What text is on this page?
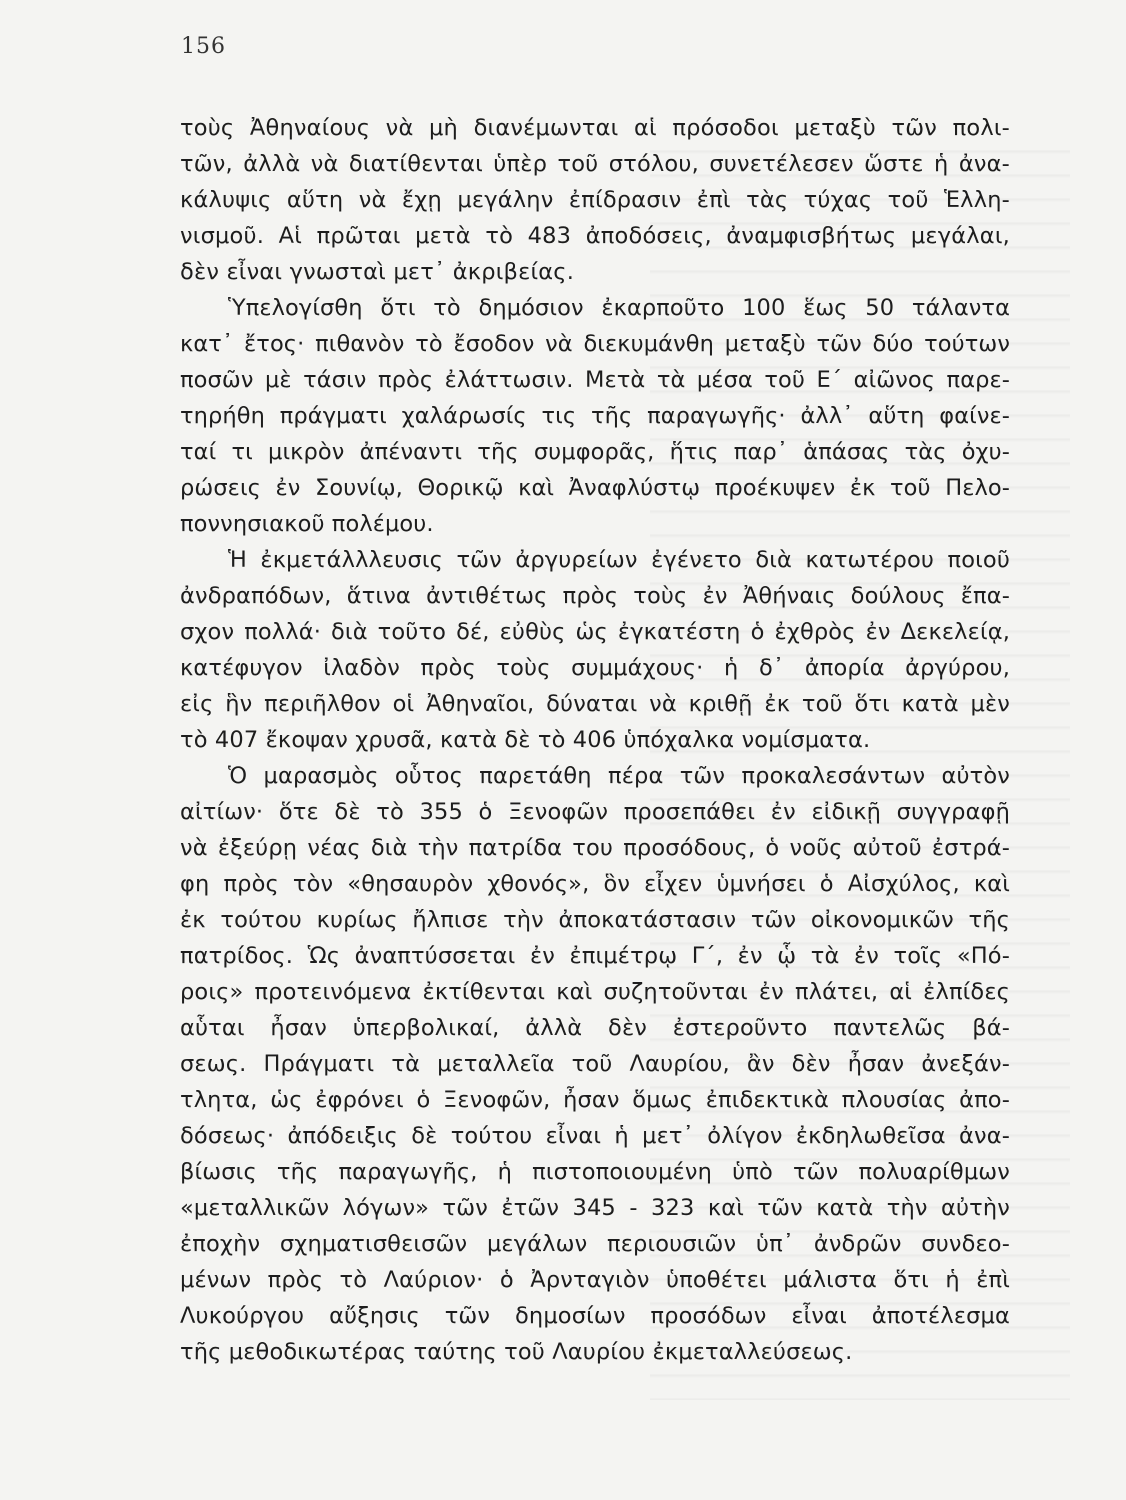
156
τοὺς Ἀθηναίους νὰ μὴ διανέμωνται αἱ πρόσοδοι μεταξὺ τῶν πολι-
τῶν, ἀλλὰ νὰ διατίθενται ὑπὲρ τοῦ στόλου, συνετέλεσεν ὥστε ἡ ἀνα-
κάλυψις αὕτη νὰ ἔχῃ μεγάλην ἐπίδρασιν ἐπὶ τὰς τύχας τοῦ Ἑλλη-
νισμοῦ. Αἱ πρῶται μετὰ τὸ 483 ἀποδόσεις, ἀναμφισβήτως μεγάλαι,
δὲν εἶναι γνωσταὶ μετ᾿ ἀκριβείας.
Ὑπελογίσθη ὅτι τὸ δημόσιον ἐκαρποῦτο 100 ἕως 50 τάλαντα
κατ᾿ ἔτος· πιθανὸν τὸ ἔσοδον νὰ διεκυμάνθη μεταξὺ τῶν δύο τούτων
ποσῶν μὲ τάσιν πρὸς ἐλάττωσιν. Μετὰ τὰ μέσα τοῦ Ε΄ αἰῶνος παρε-
τηρήθη πράγματι χαλάρωσίς τις τῆς παραγωγῆς· ἀλλ᾿ αὕτη φαίνε-
ταί τι μικρὸν ἀπέναντι τῆς συμφορᾶς, ἥτις παρ᾿ ἁπάσας τὰς ὀχυ-
ρώσεις ἐν Σουνίῳ, Θορικῷ καὶ Ἀναφλύστῳ προέκυψεν ἐκ τοῦ Πελο-
ποννησιακοῦ πολέμου.
Ἡ ἐκμετάλλλευσις τῶν ἀργυρείων ἐγένετο διὰ κατωτέρου ποιοῦ
ἀνδραπόδων, ἅτινα ἀντιθέτως πρὸς τοὺς ἐν Ἀθήναις δούλους ἔπα-
σχον πολλά· διὰ τοῦτο δέ, εὐθὺς ὡς ἐγκατέστη ὁ ἐχθρὸς ἐν Δεκελείᾳ,
κατέφυγον ἰλαδὸν πρὸς τοὺς συμμάχους· ἡ δ᾿ ἀπορία ἀργύρου,
εἰς ἣν περιῆλθον οἱ Ἀθηναῖοι, δύναται νὰ κριθῇ ἐκ τοῦ ὅτι κατὰ μὲν
τὸ 407 ἔκοψαν χρυσᾶ, κατὰ δὲ τὸ 406 ὑπόχαλκα νομίσματα.
Ὁ μαρασμὸς οὗτος παρετάθη πέρα τῶν προκαλεσάντων αὐτὸν
αἰτίων· ὅτε δὲ τὸ 355 ὁ Ξενοφῶν προσεπάθει ἐν εἰδικῇ συγγραφῇ
νὰ ἐξεύρῃ νέας διὰ τὴν πατρίδα του προσόδους, ὁ νοῦς αὐτοῦ ἐστρά-
φη πρὸς τὸν «θησαυρὸν χθονός», ὃν εἶχεν ὑμνήσει ὁ Αἰσχύλος, καὶ
ἐκ τούτου κυρίως ἤλπισε τὴν ἀποκατάστασιν τῶν οἰκονομικῶν τῆς
πατρίδος. Ὡς ἀναπτύσσεται ἐν ἐπιμέτρῳ Γ΄, ἐν ᾧ τὰ ἐν τοῖς «Πό-
ροις» προτεινόμενα ἐκτίθενται καὶ συζητοῦνται ἐν πλάτει, αἱ ἐλπίδες
αὗται ἦσαν ὑπερβολικαί, ἀλλὰ δὲν ἐστεροῦντο παντελῶς βά-
σεως. Πράγματι τὰ μεταλλεῖα τοῦ Λαυρίου, ἂν δὲν ἦσαν ἀνεξάν-
τλητα, ὡς ἐφρόνει ὁ Ξενοφῶν, ἦσαν ὅμως ἐπιδεκτικὰ πλουσίας ἀπο-
δόσεως· ἀπόδειξις δὲ τούτου εἶναι ἡ μετ᾿ ὀλίγον ἐκδηλωθεῖσα ἀνα-
βίωσις τῆς παραγωγῆς, ἡ πιστοποιουμένη ὑπὸ τῶν πολυαρίθμων
«μεταλλικῶν λόγων» τῶν ἐτῶν 345 - 323 καὶ τῶν κατὰ τὴν αὐτὴν
ἐποχὴν σχηματισθεισῶν μεγάλων περιουσιῶν ὑπ᾿ ἀνδρῶν συνδεο-
μένων πρὸς τὸ Λαύριον· ὁ Ἀρνταγιὸν ὑποθέτει μάλιστα ὅτι ἡ ἐπὶ
Λυκούργου αὔξησις τῶν δημοσίων προσόδων εἶναι ἀποτέλεσμα
τῆς μεθοδικωτέρας ταύτης τοῦ Λαυρίου ἐκμεταλλεύσεως.
